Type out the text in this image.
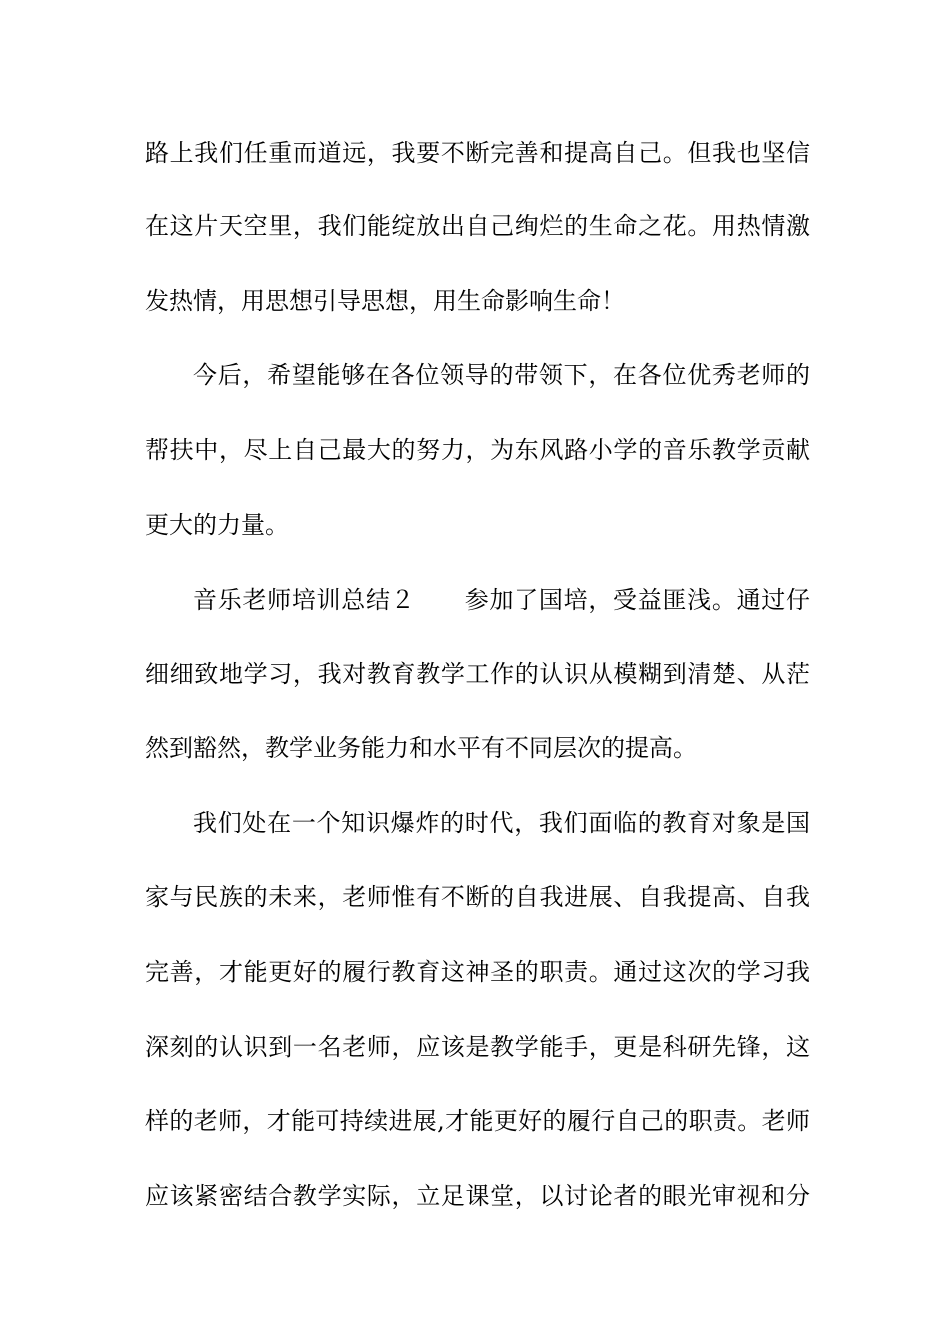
路上我们任重而道远，我要不断完善和提高自己。但我也坚信
在这片天空里，我们能绽放出自己绚烂的生命之花。用热情激
发热情，用思想引导思想，用生命影响生命！
今后，希望能够在各位领导的带领下，在各位优秀老师的
帮扶中，尽上自己最大的努力，为东风路小学的音乐教学贡献
更大的力量。
音乐老师培训总结２　　参加了国培，受益匪浅。通过仔
细细致地学习，我对教育教学工作的认识从模糊到清楚、从茫
然到豁然，教学业务能力和水平有不同层次的提高。
我们处在一个知识爆炸的时代，我们面临的教育对象是国
家与民族的未来，老师惟有不断的自我进展、自我提高、自我
完善，才能更好的履行教育这神圣的职责。通过这次的学习我
深刻的认识到一名老师，应该是教学能手，更是科研先锋，这
样的老师，才能可持续进展,才能更好的履行自己的职责。老师
应该紧密结合教学实际，立足课堂，以讨论者的眼光审视和分
